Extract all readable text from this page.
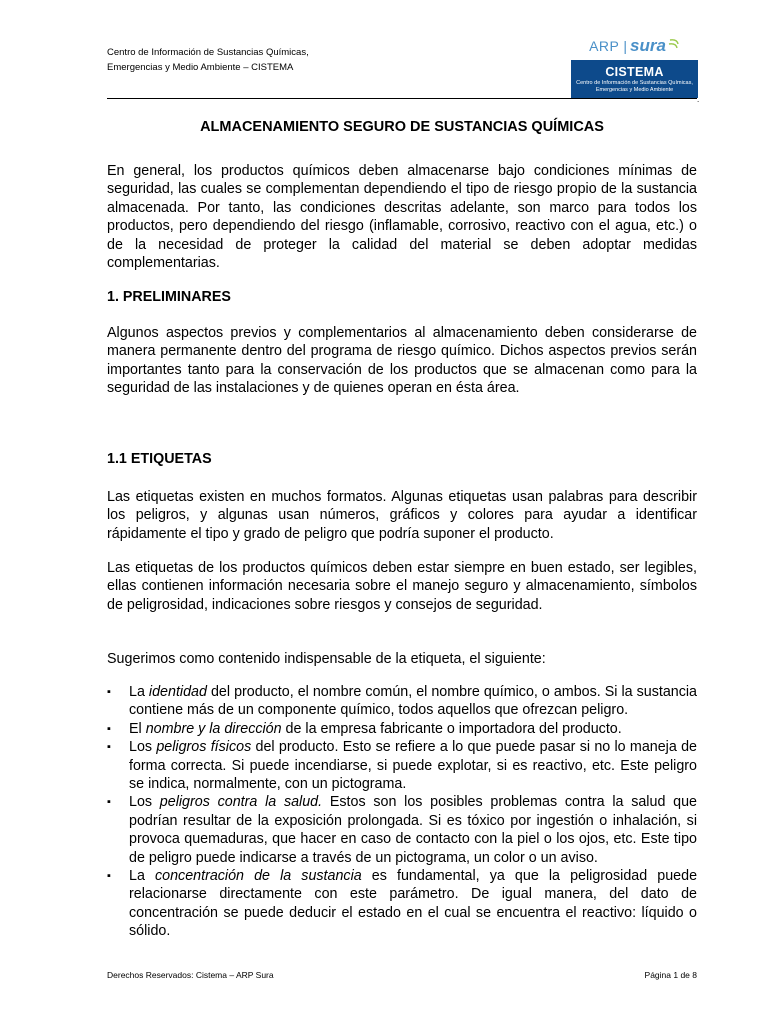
Centro de Información de Sustancias Químicas,
Emergencias y Medio Ambiente – CISTEMA
ARP | sura
CISTEMA
Centro de Información de Sustancias Químicas, Emergencias y Medio Ambiente
.
ALMACENAMIENTO SEGURO DE SUSTANCIAS QUÍMICAS

En general, los productos químicos deben almacenarse bajo condiciones mínimas de seguridad, las cuales se complementan dependiendo el tipo de riesgo propio de la sustancia almacenada. Por tanto, las condiciones descritas adelante, son marco para todos los productos, pero dependiendo del riesgo (inflamable, corrosivo, reactivo con el agua, etc.) o de la necesidad de proteger la calidad del material se deben adoptar medidas complementarias.

1. PRELIMINARES

Algunos aspectos previos y complementarios al almacenamiento deben considerarse de manera permanente dentro del programa de riesgo químico. Dichos aspectos previos serán importantes tanto para la conservación de los productos que se almacenan como para la seguridad de las instalaciones y de quienes operan en ésta área.

1.1 ETIQUETAS

Las etiquetas existen en muchos formatos. Algunas etiquetas usan palabras para describir los peligros, y algunas usan números, gráficos y colores para ayudar a identificar rápidamente el tipo y grado de peligro que podría suponer el producto.

Las etiquetas de los productos químicos deben estar siempre en buen estado, ser legibles, ellas contienen información necesaria sobre el manejo seguro y almacenamiento, símbolos de peligrosidad, indicaciones sobre riesgos y consejos de seguridad.

Sugerimos como contenido indispensable de la etiqueta, el siguiente:

▪ La identidad del producto, el nombre común, el nombre químico, o ambos. Si la sustancia contiene más de un componente químico, todos aquellos que ofrezcan peligro.
▪ El nombre y la dirección de la empresa fabricante o importadora del producto.
▪ Los peligros físicos del producto. Esto se refiere a lo que puede pasar si no lo maneja de forma correcta. Si puede incendiarse, si puede explotar, si es reactivo, etc. Este peligro se indica, normalmente, con un pictograma.
▪ Los peligros contra la salud. Estos son los posibles problemas contra la salud que podrían resultar de la exposición prolongada. Si es tóxico por ingestión o inhalación, si provoca quemaduras, que hacer en caso de contacto con la piel o los ojos, etc. Este tipo de peligro puede indicarse a través de un pictograma, un color o un aviso.
▪ La concentración de la sustancia es fundamental, ya que la peligrosidad puede relacionarse directamente con este parámetro. De igual manera, del dato de concentración se puede deducir el estado en el cual se encuentra el reactivo: líquido o sólido.
Derechos Reservados: Cistema – ARP Sura	Página 1 de 8
